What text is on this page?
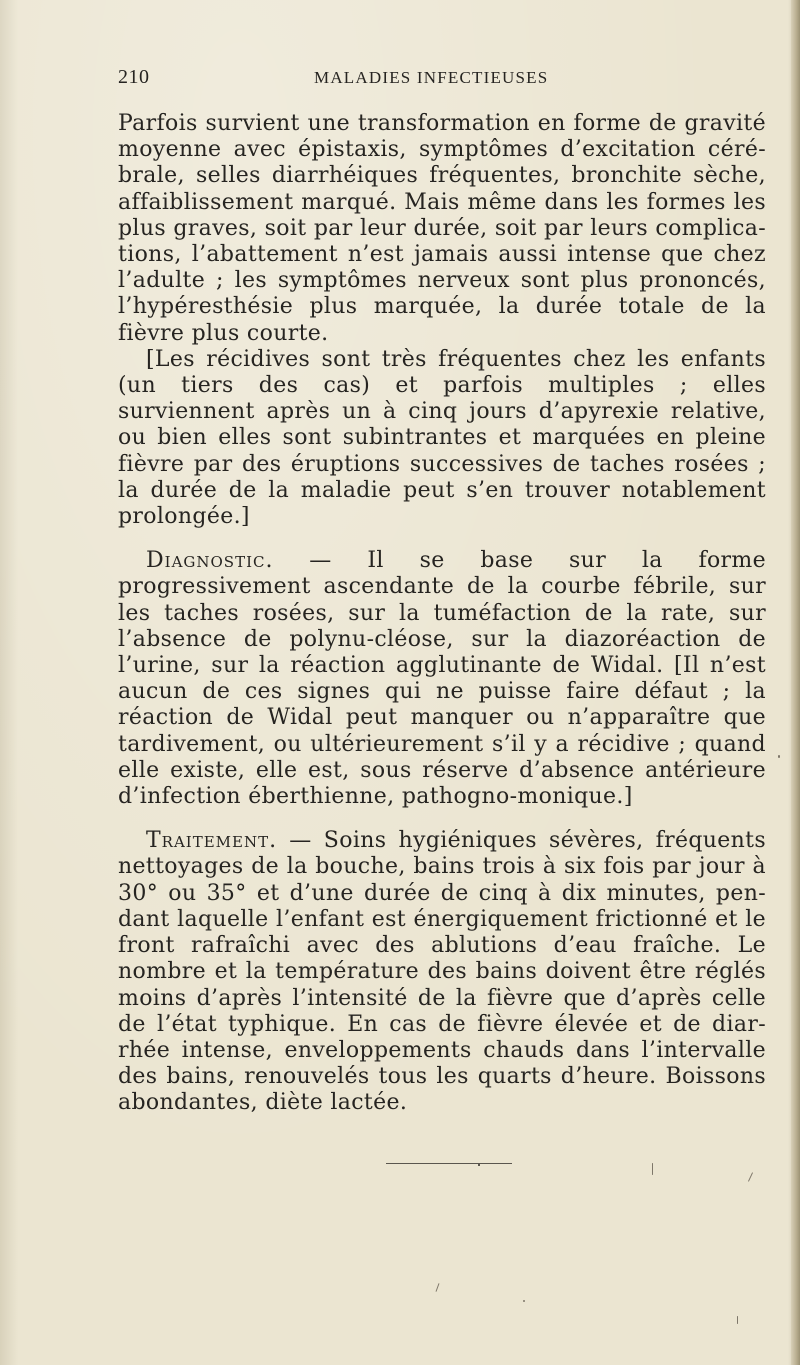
210	MALADIES INFECTIEUSES

Parfois survient une transformation en forme de gravité moyenne avec épistaxis, symptômes d’excitation céré-brale, selles diarrhéiques fréquentes, bronchite sèche, affaiblissement marqué. Mais même dans les formes les plus graves, soit par leur durée, soit par leurs complica-tions, l’abattement n’est jamais aussi intense que chez l’adulte ; les symptômes nerveux sont plus prononcés, l’hypéresthésie plus marquée, la durée totale de la fièvre plus courte.

[Les récidives sont très fréquentes chez les enfants (un tiers des cas) et parfois multiples ; elles surviennent après un à cinq jours d’apyrexie relative, ou bien elles sont subintrantes et marquées en pleine fièvre par des éruptions successives de taches rosées ; la durée de la maladie peut s’en trouver notablement prolongée.]

Diagnostic. — Il se base sur la forme progressivement ascendante de la courbe fébrile, sur les taches rosées, sur la tuméfaction de la rate, sur l’absence de polynu-cléose, sur la diazoréaction de l’urine, sur la réaction agglutinante de Widal. [Il n’est aucun de ces signes qui ne puisse faire défaut ; la réaction de Widal peut manquer ou n’apparaître que tardivement, ou ultérieurement s’il y a récidive ; quand elle existe, elle est, sous réserve d’absence antérieure d’infection éberthienne, pathogno-monique.]

Traitement. — Soins hygiéniques sévères, fréquents nettoyages de la bouche, bains trois à six fois par jour à 30° ou 35° et d’une durée de cinq à dix minutes, pen-dant laquelle l’enfant est énergiquement frictionné et le front rafraîchi avec des ablutions d’eau fraîche. Le nombre et la température des bains doivent être réglés moins d’après l’intensité de la fièvre que d’après celle de l’état typhique. En cas de fièvre élevée et de diar-rhée intense, enveloppements chauds dans l’intervalle des bains, renouvelés tous les quarts d’heure. Boissons abondantes, diète lactée.
